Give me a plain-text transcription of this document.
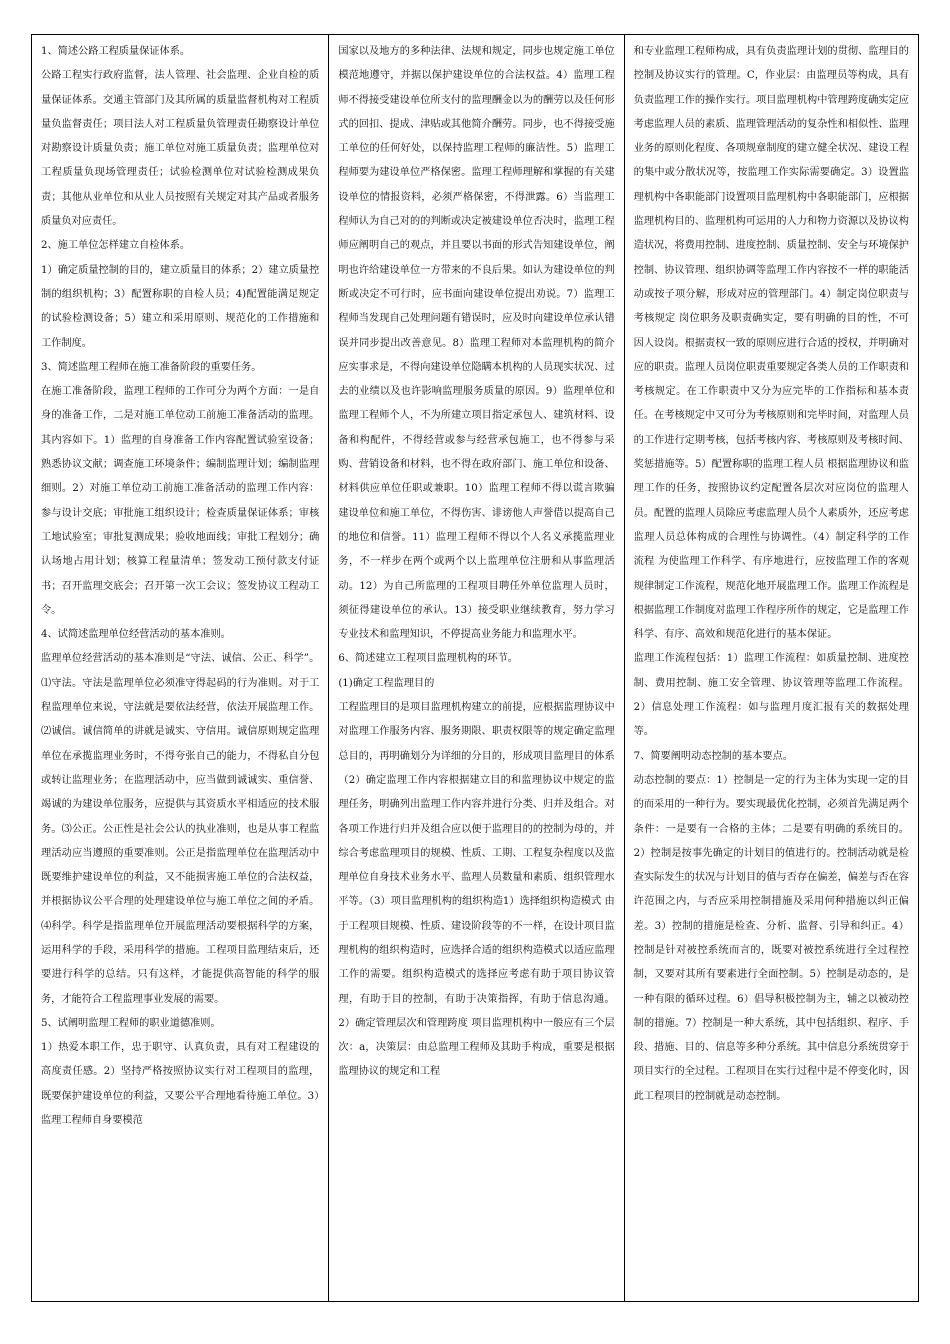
1、简述公路工程质量保证体系。

公路工程实行政府监督，法人管理、社会监理、企业自检的质量保证体系。交通主管部门及其所属的质量监督机构对工程质量负监督责任；项目法人对工程质量负管理责任勘察设计单位对勘察设计质量负责；施工单位对施工质量负责；监理单位对工程质量负现场管理责任；试验检测单位对试验检测成果负责；其他从业单位和从业人员按照有关规定对其产品或者服务质量负对应责任。

2、施工单位怎样建立自检体系。

1）确定质量控制的目的，建立质量目的体系；2）建立质量控制的组织机构；3）配置称职的自检人员；4)配置能满足规定的试验检测设备；5）建立和采用原则、规范化的工作措施和工作制度。

3、简述监理工程师在施工准备阶段的重要任务。

在施工准备阶段，监理工程师的工作可分为两个方面：一是自身的准备工作，二是对施工单位动工前施工准备活动的监理。其内容如下。1）监理的自身准备工作内容配置试验室设备；熟悉协议文献；调查施工环境条件；编制监理计划；编制监理细则。2）对施工单位动工前施工准备活动的监理工作内容：参与设计交底；审批施工组织设计；检查质量保证体系；审核工地试验室；审批复测成果；验收地面线；审批工程划分；确认场地占用计划；核算工程量清单；签发动工预付款支付证书；召开监理交底会；召开第一次工会议；签发协议工程动工令。

4、试简述监理单位经营活动的基本准则。

监理单位经营活动的基本准则是“守法、诚信、公正、科学”。⑴守法。守法是监理单位必须准守得起码的行为准则。对于工程监理单位来说，守法就是要依法经营，依法开展监理工作。⑵诚信。诚信简单的讲就是诚实、守信用。诚信原则规定监理单位在承揽监理业务时，不得夸张自己的能力，不得私自分包或转让监理业务；在监理活动中，应当做到诚诚实、重信誉、竭诚的为建设单位服务，应提供与其资质水平相适应的技术服务。⑶公正。公正性是社会公认的执业准则，也是从事工程监理活动应当遵照的重要准则。公正是指监理单位在监理活动中既要维护建设单位的利益，又不能损害施工单位的合法权益，并根据协议公平合理的处理建设单位与施工单位之间的矛盾。⑷科学。科学是指监理单位开展监理活动要根据科学的方案，运用科学的手段，采用科学的措施。工程项目监理结束后，还要进行科学的总结。只有这样，才能提供高智能的科学的服务，才能符合工程监理事业发展的需要。

5、试阐明监理工程师的职业道德准则。

1）热爱本职工作，忠于职守、认真负责，具有对工程建设的高度责任感。2）坚持严格按照协议实行对工程项目的监理，既要保护建设单位的利益，又要公平合理地看待施工单位。3）监理工程师自身要模范

国家以及地方的多种法律、法规和规定，同步也规定施工单位模范地遵守，并据以保护建设单位的合法权益。4）监理工程师不得接受建设单位所支付的监理酬金以为的酬劳以及任何形式的回扣、提成、津贴或其他简介酬劳。同步，也不得接受施工单位的任何好处，以保持监理工程师的廉洁性。5）监理工程师要为建设单位严格保密。监理工程师理解和掌握的有关建设单位的情报资料，必须严格保密，不得泄露。6）当监理工程师认为自己对的的判断或决定被建设单位否决时，监理工程师应阐明自己的观点，并且要以书面的形式告知建设单位，阐明也许给建设单位一方带来的不良后果。如认为建设单位的判断或决定不可行时，应书面向建设单位提出劝说。7）监理工程师当发现自己处理问题有错误时，应及时向建设单位承认错误并同步提出改善意见。8）监理工程师对本监理机构的简介应实事求是，不得向建设单位隐瞒本机构的人员现实状况、过去的业绩以及也许影响监理服务质量的原因。9）监理单位和监理工程师个人，不为所建立项目指定承包人、建筑材料、设备和构配件，不得经营或参与经营承包施工，也不得参与采购、营销设备和材料，也不得在政府部门、施工单位和设备、材料供应单位任职或兼职。10）监理工程师不得以谎言欺骗建设单位和施工单位，不得伤害、诽谤他人声誉借以提高自己的地位和信誉。11）监理工程师不得以个人名义承揽监理业务，不一样步在两个或两个以上监理单位注册和从事监理活动。12）为自己所监理的工程项目聘任外单位监理人员时，须征得建设单位的承认。13）接受职业继续教育，努力学习专业技术和监理知识，不停提高业务能力和监理水平。

6、简述建立工程项目监理机构的环节。

(1)确定工程监理目的

工程监理目的是项目监理机构建立的前提，应根据监理协议中对监理工作服务内容、服务期限、职责权限等的规定确定监理总目的，再明确划分为详细的分目的，形成项目监理目的体系（2）确定监理工作内容根据建立目的和监理协议中规定的监理任务，明确列出监理工作内容并进行分类、归并及组合。对各项工作进行归并及组合应以便于监理目的的控制为母的，并综合考虑监理项目的规模、性质、工期、工程复杂程度以及监理单位自身技术业务水平、监理人员数量和素质、组织管理水平等。（3）项目监理机构的组织构造1）选择组织构造模式 由于工程项目规模、性质、建设阶段等的不一样，在设计项目监理机构的组织构造时，应选择合适的组织构造模式以适应监理工作的需要。组织构造模式的选择应考虑有助于项目协议管理，有助于目的控制，有助于决策指挥，有助于信息沟通。2）确定管理层次和管理跨度 项目监理机构中一般应有三个层次：a，决策层：由总监理工程师及其助手构成，重要是根据监理协议的规定和工程

和专业监理工程师构成，具有负责监理计划的贯彻、监理目的控制及协议实行的管理。C，作业层：由监理员等构成，具有负责监理工作的操作实行。项目监理机构中管理跨度确实定应考虑监理人员的素质、监理管理活动的复杂性和相似性、监理业务的原则化程度、各项规章制度的建立健全状况、建设工程的集中或分散状况等，按监理工作实际需要确定。3）设置监理机构中各职能部门设置项目监理机构中各职能部门，应根据监理机构目的、监理机构可运用的人力和物力资源以及协议构造状况，将费用控制、进度控制、质量控制、安全与环境保护控制、协议管理、组织协调等监理工作内容按不一样的职能活动或按子项分解，形成对应的管理部门。4）制定岗位职责与考核规定 岗位职务及职责确实定，要有明确的目的性，不可因人设岗。根据责权一致的原则应进行合适的授权，并明确对应的职责。监理人员岗位职责重要规定各类人员的工作职责和考核规定。在工作职责中又分为应完毕的工作指标和基本责任。在考核规定中又可分为考核原则和完毕时间，对监理人员的工作进行定期考核，包括考核内容、考核原则及考核时间、奖惩措施等。5）配置称职的监理工程人员 根据监理协议和监理工作的任务，按照协议约定配置各层次对应岗位的监理人员。配置的监理人员除应考虑监理人员个人素质外，还应考虑监理人员总体构成的合理性与协调性。（4）制定科学的工作流程 为使监理工作科学、有序地进行，应按监理工作的客观规律制定工作流程，规范化地开展监理工作。监理工作流程是根据监理工作制度对监理工作程序所作的规定，它是监理工作科学、有序、高效和规范化进行的基本保证。

监理工作流程包括：1）监理工作流程：如质量控制、进度控制、费用控制、施工安全管理、协议管理等监理工作流程。2）信息处理工作流程：如与监理月度汇报有关的数据处理等。

7、简要阐明动态控制的基本要点。

动态控制的要点：1）控制是一定的行为主体为实现一定的目的而采用的一种行为。要实现最优化控制，必须首先满足两个条件：一是要有一合格的主体；二是要有明确的系统目的。2）控制是按事先确定的计划目的值进行的。控制活动就是检查实际发生的状况与计划目的值与否存在偏差，偏差与否在容许范围之内，与否应采用控制措施及采用何种措施以纠正偏差。3）控制的措施是检查、分析、监督、引导和纠正。4）控制是针对被控系统而言的，既要对被控系统进行全过程控制，又要对其所有要素进行全面控制。5）控制是动态的，是一种有限的循环过程。6）倡导积极控制为主，辅之以被动控制的措施。7）控制是一种大系统，其中包括组织、程序、手段、措施、目的、信息等多种分系统。其中信息分系统贯穿于项目实行的全过程。工程项目在实行过程中是不停变化时，因此工程项目的控制就是动态控制。
